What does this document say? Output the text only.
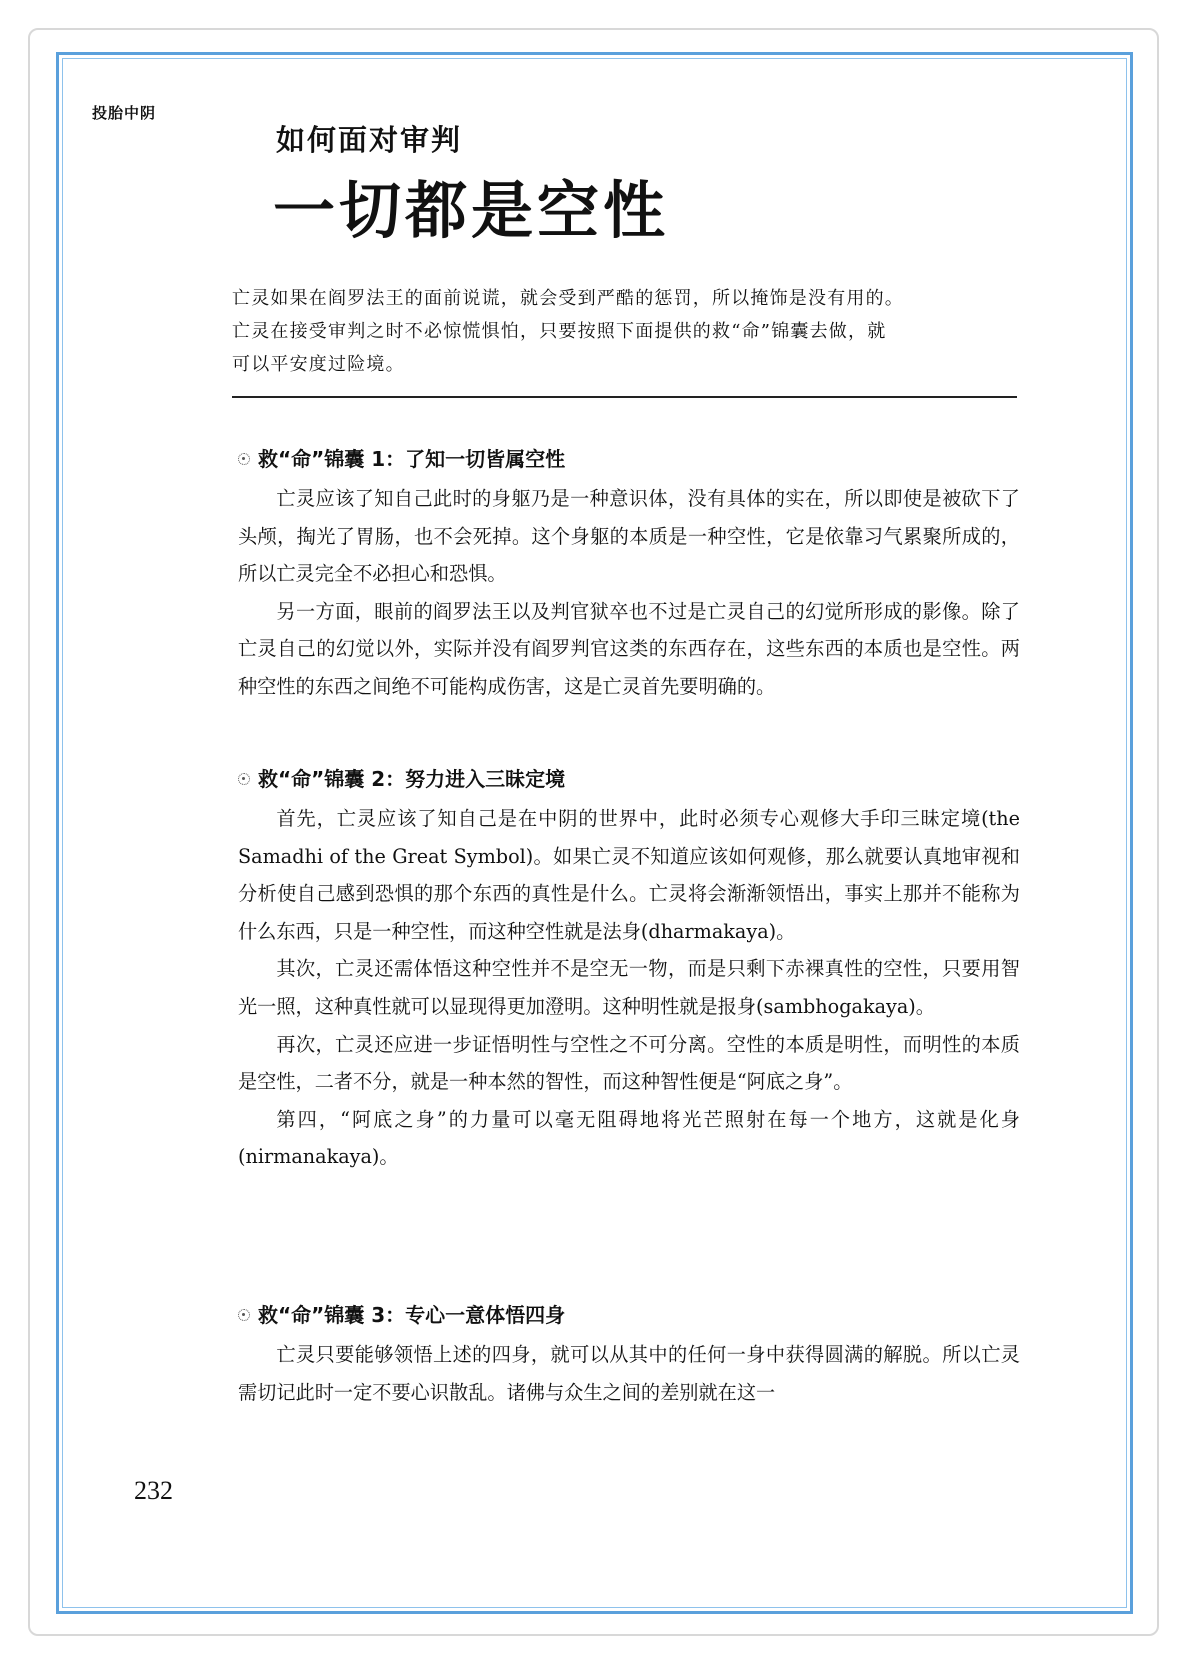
投胎中阴
如何面对审判
一切都是空性

亡灵如果在阎罗法王的面前说谎，就会受到严酷的惩罚，所以掩饰是没有用的。

亡灵在接受审判之时不必惊慌惧怕，只要按照下面提供的救“命”锦囊去做，就

可以平安度过险境。

救“命”锦囊 1：了知一切皆属空性

亡灵应该了知自己此时的身躯乃是一种意识体，没有具体的实在，所以即使是被砍下了头颅，掏光了胃肠，也不会死掉。这个身躯的本质是一种空性，它是依靠习气累聚所成的，所以亡灵完全不必担心和恐惧。

另一方面，眼前的阎罗法王以及判官狱卒也不过是亡灵自己的幻觉所形成的影像。除了亡灵自己的幻觉以外，实际并没有阎罗判官这类的东西存在，这些东西的本质也是空性。两种空性的东西之间绝不可能构成伤害，这是亡灵首先要明确的。

救“命”锦囊 2：努力进入三昧定境

首先，亡灵应该了知自己是在中阴的世界中，此时必须专心观修大手印三昧定境(the Samadhi of the Great Symbol)。如果亡灵不知道应该如何观修，那么就要认真地审视和分析使自己感到恐惧的那个东西的真性是什么。亡灵将会渐渐领悟出，事实上那并不能称为什么东西，只是一种空性，而这种空性就是法身(dharmakaya)。

其次，亡灵还需体悟这种空性并不是空无一物，而是只剩下赤裸真性的空性，只要用智光一照，这种真性就可以显现得更加澄明。这种明性就是报身(sambhogakaya)。

再次，亡灵还应进一步证悟明性与空性之不可分离。空性的本质是明性，而明性的本质是空性，二者不分，就是一种本然的智性，而这种智性便是“阿底之身”。

第四，“阿底之身”的力量可以毫无阻碍地将光芒照射在每一个地方，这就是化身 (nirmanakaya)。

救“命”锦囊 3：专心一意体悟四身

亡灵只要能够领悟上述的四身，就可以从其中的任何一身中获得圆满的解脱。所以亡灵需切记此时一定不要心识散乱。诸佛与众生之间的差别就在这一

232
